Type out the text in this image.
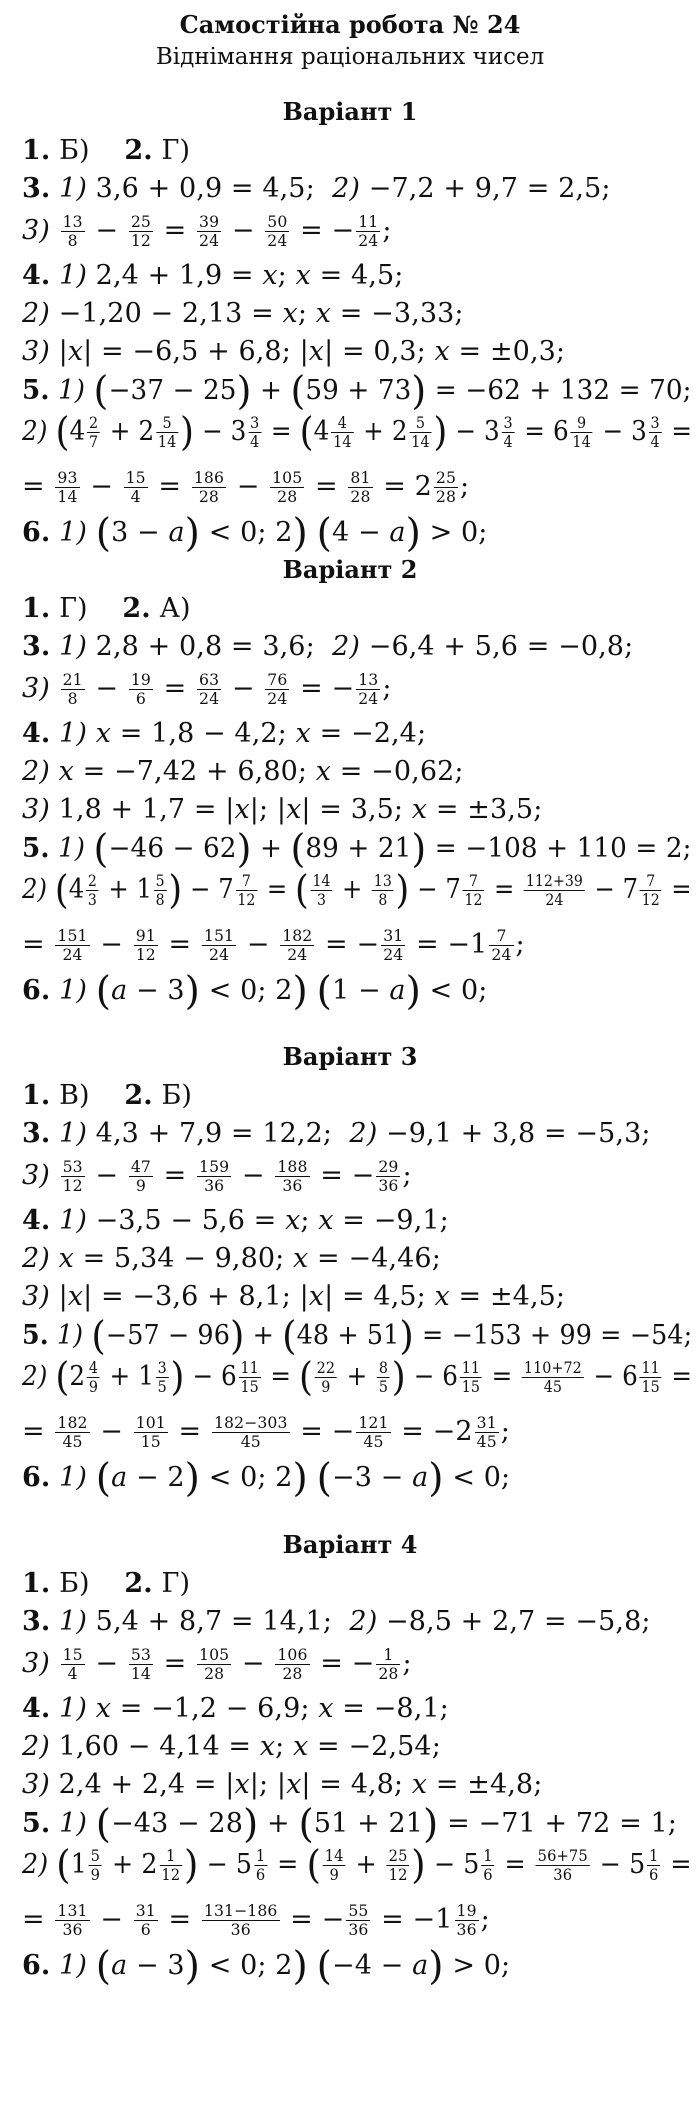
Самостійна робота № 24
Віднімання раціональних чисел
Варіант 1
1. Б)    2. Г)
3. 1) 3,6 + 0,9 = 4,5;  2) −7,2 + 9,7 = 2,5;
$3) \frac{13}{8} - \frac{25}{12} = \frac{39}{24} - \frac{50}{24}$ = − $\frac{11}{24}$ ;
4. 1) 2,4 + 1,9 = x; x = 4,5;
2) −1,20 − 2,13 = x; x = −3,33;
3) |x| = −6,5 + 6,8; |x| = 0,3; x = ±0,3;
5. 1) (−37 − 25) + (59 + 73) = −62 + 132 = 70;
2) ($4 \frac{2}{7} + 2 \frac{5}{14}$ ) − $3 \frac{3}{4} = (4 \frac{4}{14} + 2 \frac{5}{14}$ ) − $3 \frac{3}{4} = 6 \frac{9}{14} - 3 \frac{3}{4}$ =
= $\frac{93}{14} - \frac{15}{4} = \frac{186}{28} - \frac{105}{28} = \frac{81}{28} = 2 \frac{25}{28}$ ;
6. 1) (3 − a) < 0; 2) (4 − a) > 0;
Варіант 2
1. Г)    2. А)
3. 1) 2,8 + 0,8 = 3,6;  2) −6,4 + 5,6 = −0,8;
$3) \frac{21}{8} - \frac{19}{6} = \frac{63}{24} - \frac{76}{24}$ = − $\frac{13}{24}$ ;
4. 1) x = 1,8 − 4,2; x = −2,4;
2) x = −7,42 + 6,80; x = −0,62;
3) 1,8 + 1,7 = |x|; |x| = 3,5; x = ±3,5;
5. 1) (−46 − 62) + (89 + 21) = −108 + 110 = 2;
2) ($4 \frac{2}{3} + 1 \frac{5}{8}$ ) − $7 \frac{7}{12}$ = ( $\frac{14}{3} + \frac{13}{8}$ ) − $7 \frac{7}{12} = \frac{112+39}{24} - 7 \frac{7}{12}$ =
= $\frac{151}{24} - \frac{91}{12} = \frac{151}{24} - \frac{182}{24}$ = − $\frac{31}{24} = -1 \frac{7}{24}$ ;
6. 1) (a − 3) < 0; 2) (1 − a) < 0;
Варіант 3
1. В)    2. Б)
3. 1) 4,3 + 7,9 = 12,2;  2) −9,1 + 3,8 = −5,3;
$3) \frac{53}{12} - \frac{47}{9} = \frac{159}{36} - \frac{188}{36}$ = − $\frac{29}{36}$ ;
4. 1) −3,5 − 5,6 = x; x = −9,1;
2) x = 5,34 − 9,80; x = −4,46;
3) |x| = −3,6 + 8,1; |x| = 4,5; x = ±4,5;
5. 1) (−57 − 96) + (48 + 51) = −153 + 99 = −54;
2) ($2 \frac{4}{9} + 1 \frac{3}{5}$ ) − $6 \frac{11}{15}$ = ( $\frac{22}{9} + \frac{8}{5}$ ) − $6 \frac{11}{15} = \frac{110+72}{45} - 6 \frac{11}{15}$ =
= $\frac{182}{45} - \frac{101}{15} = \frac{182-303}{45}$ = − $\frac{121}{45} = -2 \frac{31}{45}$ ;
6. 1) (a − 2) < 0; 2) (−3 − a) < 0;
Варіант 4
1. Б)    2. Г)
3. 1) 5,4 + 8,7 = 14,1;  2) −8,5 + 2,7 = −5,8;
$3) \frac{15}{4} - \frac{53}{14} = \frac{105}{28} - \frac{106}{28}$ = − $\frac{1}{28}$ ;
4. 1) x = −1,2 − 6,9; x = −8,1;
2) 1,60 − 4,14 = x; x = −2,54;
3) 2,4 + 2,4 = |x|; |x| = 4,8; x = ±4,8;
5. 1) (−43 − 28) + (51 + 21) = −71 + 72 = 1;
2) ($1 \frac{5}{9} + 2 \frac{1}{12}$ ) − $5 \frac{1}{6}$ = ( $\frac{14}{9} + \frac{25}{12}$ ) − $5 \frac{1}{6} = \frac{56+75}{36} - 5 \frac{1}{6}$ =
= $\frac{131}{36} - \frac{31}{6} = \frac{131-186}{36}$ = − $\frac{55}{36} = -1 \frac{19}{36}$ ;
6. 1) (a − 3) < 0; 2) (−4 − a) > 0;
